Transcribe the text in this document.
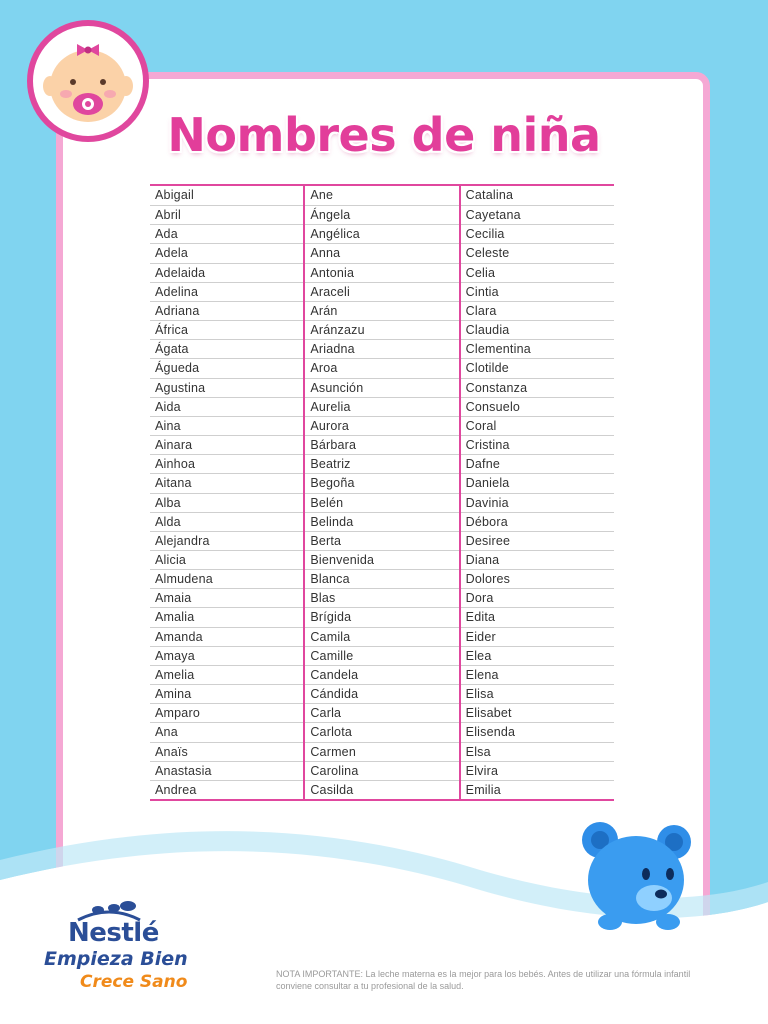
Nombres de niña
Abigail
Abril
Ada
Adela
Adelaida
Adelina
Adriana
África
Ágata
Águeda
Agustina
Aida
Aina
Ainara
Ainhoa
Aitana
Alba
Alda
Alejandra
Alicia
Almudena
Amaia
Amalia
Amanda
Amaya
Amelia
Amina
Amparo
Ana
Anaïs
Anastasia
Andrea
Ane
Ángela
Angélica
Anna
Antonia
Araceli
Arán
Aránzazu
Ariadna
Aroa
Asunción
Aurelia
Aurora
Bárbara
Beatriz
Begoña
Belén
Belinda
Berta
Bienvenida
Blanca
Blas
Brígida
Camila
Camille
Candela
Cándida
Carla
Carlota
Carmen
Carolina
Casilda
Catalina
Cayetana
Cecilia
Celeste
Celia
Cintia
Clara
Claudia
Clementina
Clotilde
Constanza
Consuelo
Coral
Cristina
Dafne
Daniela
Davinia
Débora
Desiree
Diana
Dolores
Dora
Edita
Eider
Elea
Elena
Elisa
Elisabet
Elisenda
Elsa
Elvira
Emilia
Nestlé
Empieza Bien
Crece Sano	NOTA IMPORTANTE: La leche materna es la mejor para los bebés. Antes de utilizar una fórmula infantil conviene consultar a tu profesional de la salud.
